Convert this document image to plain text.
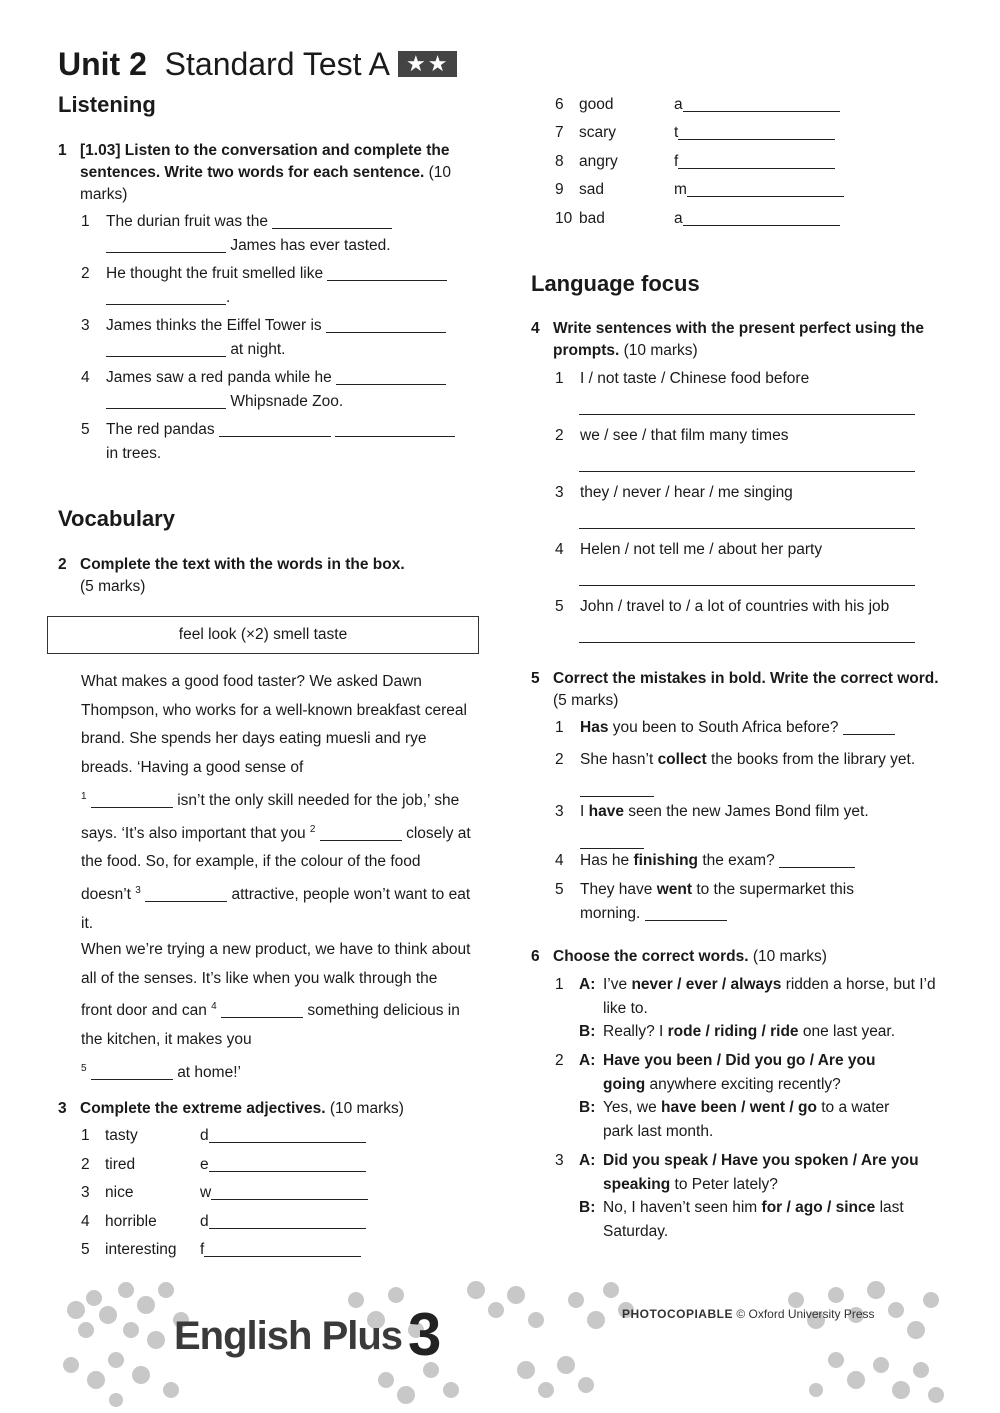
Unit 2 Standard Test A ★★
Listening
1 [1.03] Listen to the conversation and complete the sentences. Write two words for each sentence. (10 marks)
1	The durian fruit was the
James has ever tasted.
2	He thought the fruit smelled like
.
3	James thinks the Eiffel Tower is
at night.
4	James saw a red panda while he
Whipsnade Zoo.
5	The red pandas
in trees.
Vocabulary
2 Complete the text with the words in the box.
(5 marks)
feel look (×2) smell taste
What makes a good food taster? We asked Dawn Thompson, who works for a well-known breakfast cereal brand. She spends her days eating muesli and rye breads. ‘Having a good sense of
$^1$	isn’t the only skill needed for the job,’ she says. ‘It’s also important that you $^2$	closely at the food. So, for example, if the colour of the food doesn’t $^3$	attractive, people won’t want to eat it.
When we’re trying a new product, we have to think about all of the senses. It’s like when you walk through the front door and can $^4$	something delicious in the kitchen, it makes you
$^5$	at home!’
3 Complete the extreme adjectives. (10 marks)
1 tasty	d
2 tired	e
3 nice	w
4 horrible	d
5 interesting f
6 good	a
7 scary	t
8 angry	f
9 sad	m
10 bad	a
Language focus
4 Write sentences with the present perfect using the prompts. (10 marks)
1	I / not taste / Chinese food before
2	we / see / that film many times
3	they / never / hear / me singing
4	Helen / not tell me / about her party
5	John / travel to / a lot of countries with his job
5 Correct the mistakes in bold. Write the correct word. (5 marks)
1	Has you been to South Africa before?
2	She hasn’t collect the books from the library yet.

3	I have seen the new James Bond film yet.

4	Has he finishing the exam?
5	They have went to the supermarket this morning.
6 Choose the correct words. (10 marks)
1 A: I’ve never / ever / always ridden a horse, but I’d like to.
B: Really? I rode / riding / ride one last year.
2 A: Have you been / Did you go / Are you going anywhere exciting recently?
B: Yes, we have been / went / go to a water park last month.
3 A: Did you speak / Have you spoken / Are you speaking to Peter lately?
B: No, I haven’t seen him for / ago / since last Saturday.
English Plus 3	PHOTOCOPIABLE © Oxford University Press
